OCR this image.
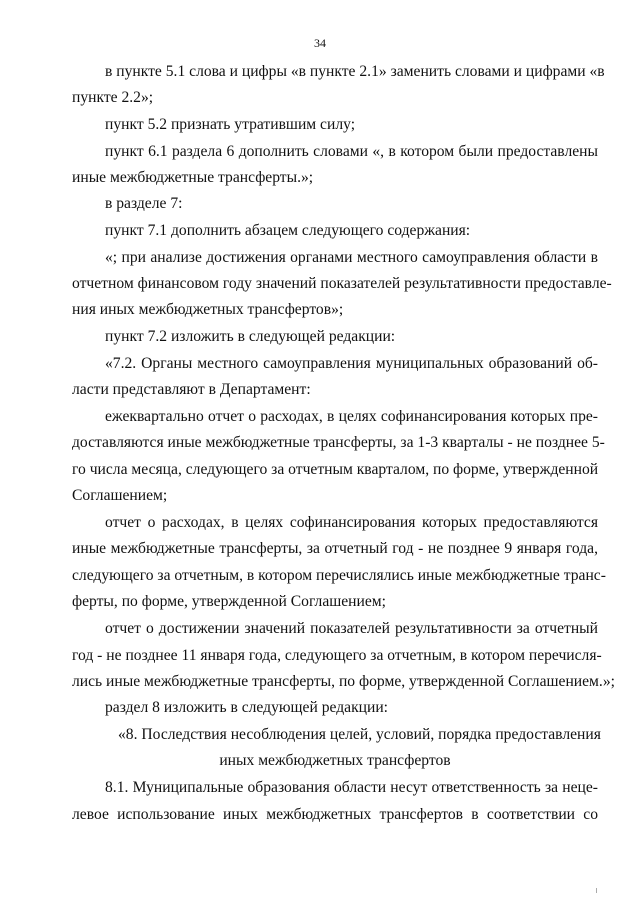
34
в пункте 5.1 слова и цифры «в пункте 2.1» заменить словами и цифрами «в
пункте 2.2»;
пункт 5.2 признать утратившим силу;
пункт 6.1 раздела 6 дополнить словами «, в котором были предоставлены
иные межбюджетные трансферты.»;
в разделе 7:
пункт 7.1 дополнить абзацем следующего содержания:
«; при анализе достижения органами местного самоуправления области в
отчетном финансовом году значений показателей результативности предоставле-
ния иных межбюджетных трансфертов»;
пункт 7.2 изложить в следующей редакции:
«7.2. Органы местного самоуправления муниципальных образований об-
ласти представляют в Департамент:
ежеквартально отчет о расходах, в целях софинансирования которых пре-
доставляются иные межбюджетные трансферты, за 1-3 кварталы - не позднее 5-
го числа месяца, следующего за отчетным кварталом, по форме, утвержденной
Соглашением;
отчет о расходах, в целях софинансирования которых предоставляются
иные межбюджетные трансферты, за отчетный год - не позднее 9 января года,
следующего за отчетным, в котором перечислялись иные межбюджетные транс-
ферты, по форме, утвержденной Соглашением;
отчет о достижении значений показателей результативности за отчетный
год - не позднее 11 января года, следующего за отчетным, в котором перечисля-
лись иные межбюджетные трансферты, по форме, утвержденной Соглашением.»;
раздел 8 изложить в следующей редакции:
«8. Последствия несоблюдения целей, условий, порядка предоставления
иных межбюджетных трансфертов
8.1. Муниципальные образования области несут ответственность за неце-
левое использование иных межбюджетных трансфертов в соответствии со
